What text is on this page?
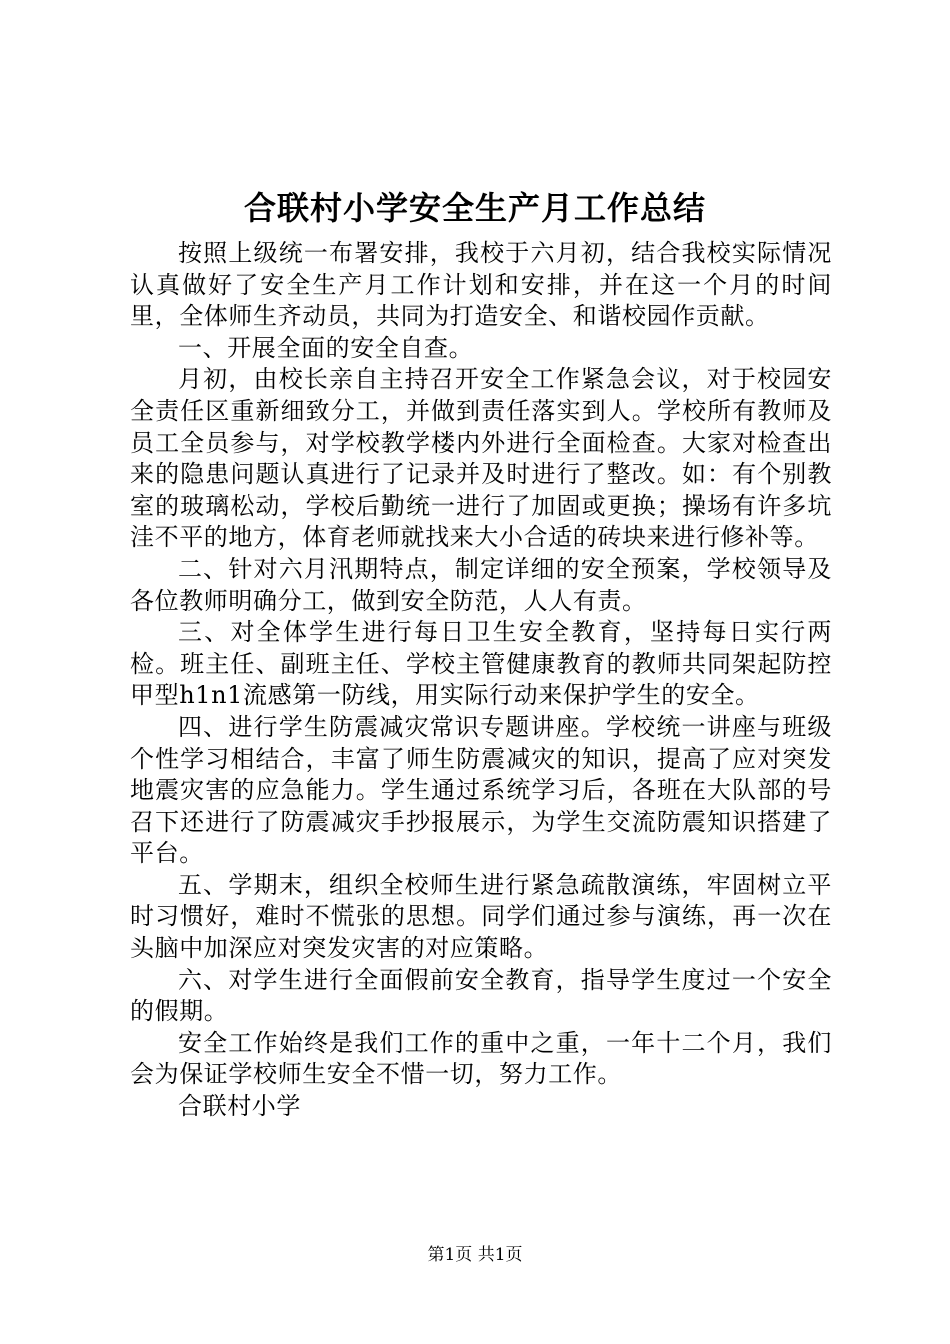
合联村小学安全生产月工作总结

按照上级统一布署安排，我校于六月初，结合我校实际情况认真做好了安全生产月工作计划和安排，并在这一个月的时间里，全体师生齐动员，共同为打造安全、和谐校园作贡献。

一、开展全面的安全自查。

月初，由校长亲自主持召开安全工作紧急会议，对于校园安全责任区重新细致分工，并做到责任落实到人。学校所有教师及员工全员参与，对学校教学楼内外进行全面检查。大家对检查出来的隐患问题认真进行了记录并及时进行了整改。如：有个别教室的玻璃松动，学校后勤统一进行了加固或更换；操场有许多坑洼不平的地方，体育老师就找来大小合适的砖块来进行修补等。

二、针对六月汛期特点，制定详细的安全预案，学校领导及各位教师明确分工，做到安全防范，人人有责。

三、对全体学生进行每日卫生安全教育，坚持每日实行两检。班主任、副班主任、学校主管健康教育的教师共同架起防控甲型h1n1流感第一防线，用实际行动来保护学生的安全。

四、进行学生防震减灾常识专题讲座。学校统一讲座与班级个性学习相结合，丰富了师生防震减灾的知识，提高了应对突发地震灾害的应急能力。学生通过系统学习后，各班在大队部的号召下还进行了防震减灾手抄报展示，为学生交流防震知识搭建了平台。

五、学期末，组织全校师生进行紧急疏散演练，牢固树立平时习惯好，难时不慌张的思想。同学们通过参与演练，再一次在头脑中加深应对突发灾害的对应策略。

六、对学生进行全面假前安全教育，指导学生度过一个安全的假期。

安全工作始终是我们工作的重中之重，一年十二个月，我们会为保证学校师生安全不惜一切，努力工作。

合联村小学

第1页 共1页
